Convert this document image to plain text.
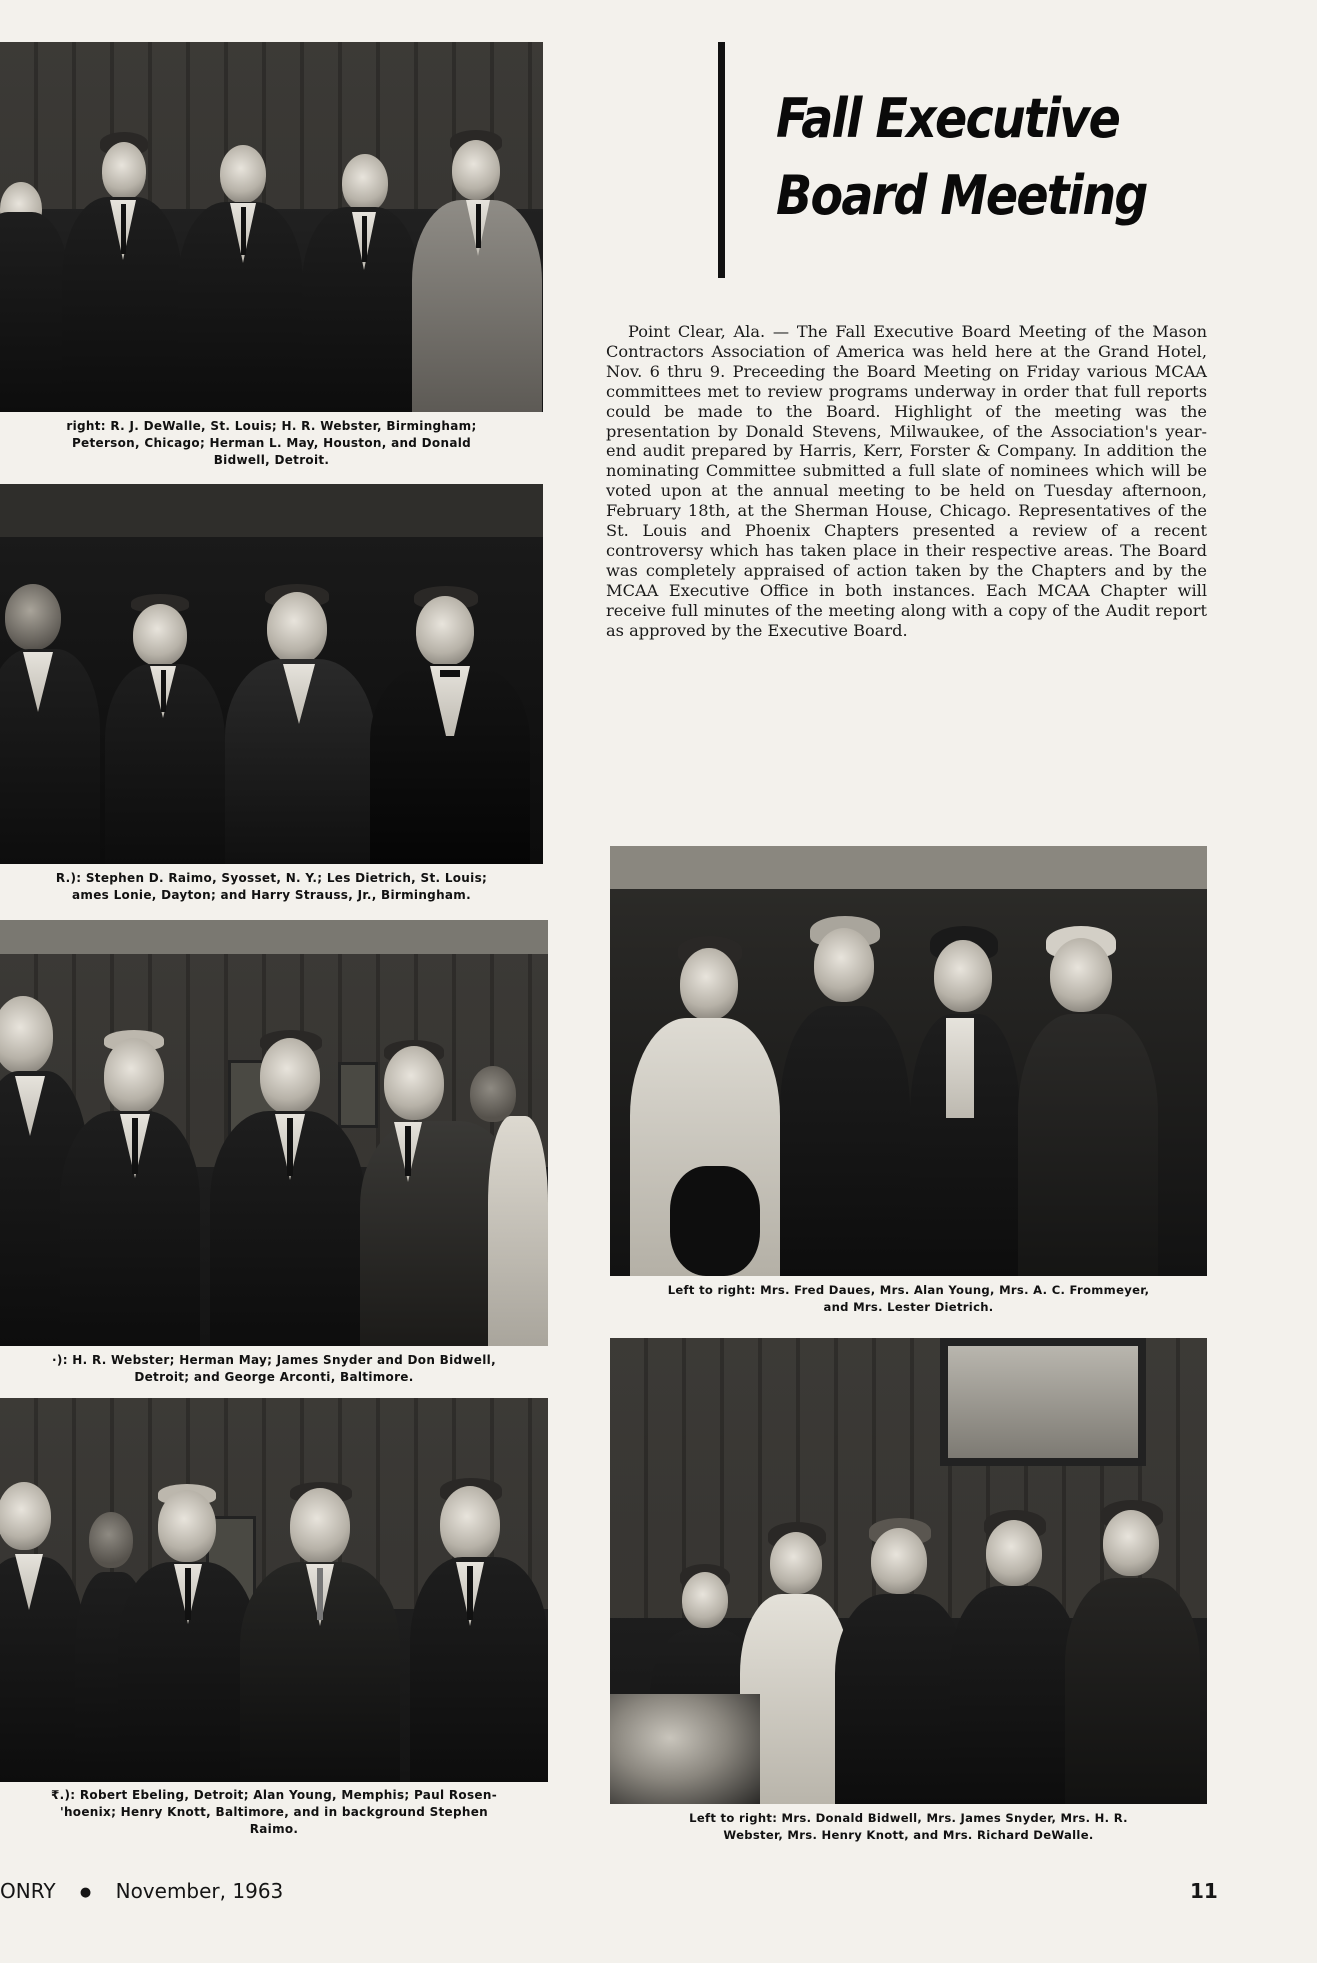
right: R. J. DeWalle, St. Louis; H. R. Webster, Birmingham;
Peterson, Chicago; Herman L. May, Houston, and Donald
Bidwell, Detroit.

R.): Stephen D. Raimo, Syosset, N. Y.; Les Dietrich, St. Louis;
ames Lonie, Dayton; and Harry Strauss, Jr., Birmingham.

·): H. R. Webster; Herman May; James Snyder and Don Bidwell,
Detroit; and George Arconti, Baltimore.

₹.): Robert Ebeling, Detroit; Alan Young, Memphis; Paul Rosen-
'hoenix; Henry Knott, Baltimore, and in background Stephen
Raimo.

Fall Executive
Board Meeting

Point Clear, Ala. — The Fall Executive Board Meeting of the Mason Contractors Association of America was held here at the Grand Hotel, Nov. 6 thru 9. Preceeding the Board Meeting on Friday various MCAA committees met to review programs underway in order that full reports could be made to the Board. Highlight of the meeting was the presentation by Donald Stevens, Milwaukee, of the Association's year-end audit prepared by Harris, Kerr, Forster & Company. In addition the nominating Committee submitted a full slate of nominees which will be voted upon at the annual meeting to be held on Tuesday afternoon, February 18th, at the Sherman House, Chicago. Representatives of the St. Louis and Phoenix Chapters presented a review of a recent controversy which has taken place in their respective areas. The Board was completely appraised of action taken by the Chapters and by the MCAA Executive Office in both instances. Each MCAA Chapter will receive full minutes of the meeting along with a copy of the Audit report as approved by the Executive Board.

Left to right: Mrs. Fred Daues, Mrs. Alan Young, Mrs. A. C. Frommeyer,
and Mrs. Lester Dietrich.

Left to right: Mrs. Donald Bidwell, Mrs. James Snyder, Mrs. H. R.
Webster, Mrs. Henry Knott, and Mrs. Richard DeWalle.

ONRY ● November, 1963	11
